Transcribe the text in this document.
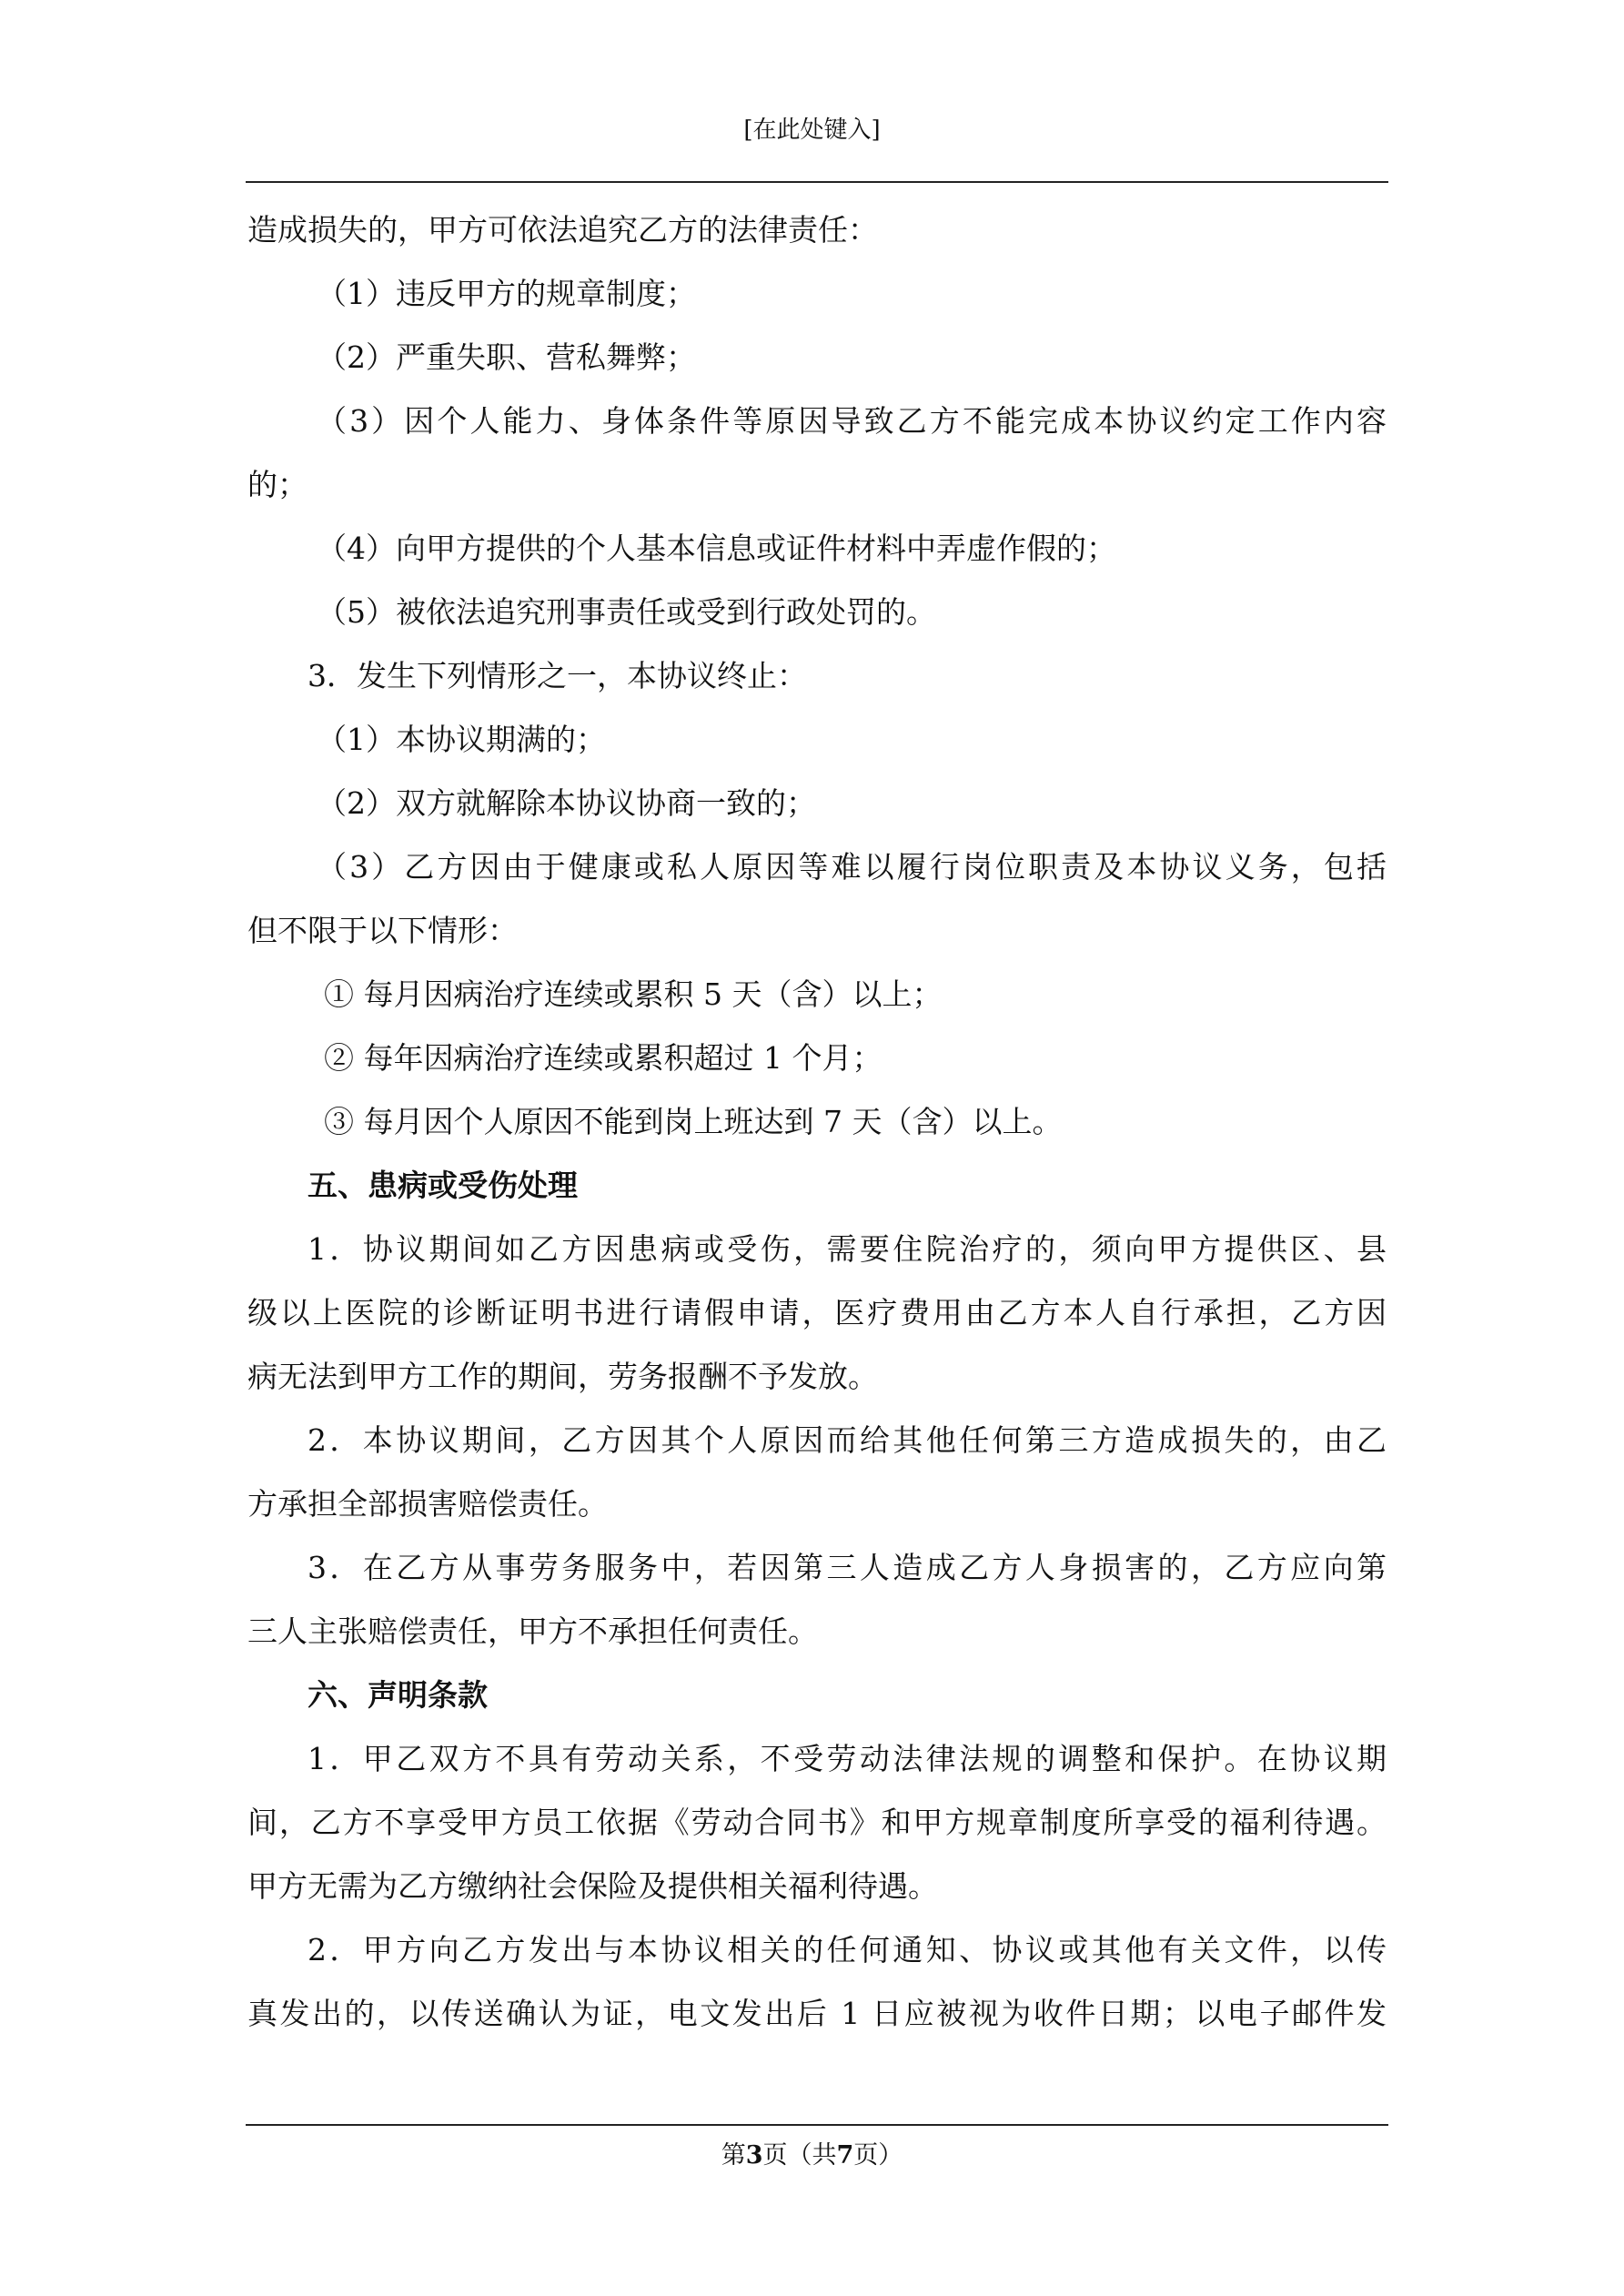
[在此处键入]

造成损失的，甲方可依法追究乙方的法律责任：

（1）违反甲方的规章制度；

（2）严重失职、营私舞弊；

（3）因个人能力、身体条件等原因导致乙方不能完成本协议约定工作内容

的；

（4）向甲方提供的个人基本信息或证件材料中弄虚作假的；

（5）被依法追究刑事责任或受到行政处罚的。

3．发生下列情形之一，本协议终止：

（1）本协议期满的；

（2）双方就解除本协议协商一致的；

（3）乙方因由于健康或私人原因等难以履行岗位职责及本协议义务，包括

但不限于以下情形：

① 每月因病治疗连续或累积 5 天（含）以上；

② 每年因病治疗连续或累积超过 1 个月；

③ 每月因个人原因不能到岗上班达到 7 天（含）以上。

五、患病或受伤处理

1．协议期间如乙方因患病或受伤，需要住院治疗的，须向甲方提供区、县

级以上医院的诊断证明书进行请假申请，医疗费用由乙方本人自行承担，乙方因

病无法到甲方工作的期间，劳务报酬不予发放。

2．本协议期间，乙方因其个人原因而给其他任何第三方造成损失的，由乙

方承担全部损害赔偿责任。

3．在乙方从事劳务服务中，若因第三人造成乙方人身损害的，乙方应向第

三人主张赔偿责任，甲方不承担任何责任。

六、声明条款

1．甲乙双方不具有劳动关系，不受劳动法律法规的调整和保护。在协议期

间，乙方不享受甲方员工依据《劳动合同书》和甲方规章制度所享受的福利待遇。

甲方无需为乙方缴纳社会保险及提供相关福利待遇。

2．甲方向乙方发出与本协议相关的任何通知、协议或其他有关文件，以传

真发出的，以传送确认为证，电文发出后 1 日应被视为收件日期；以电子邮件发

第3页（共7页）
